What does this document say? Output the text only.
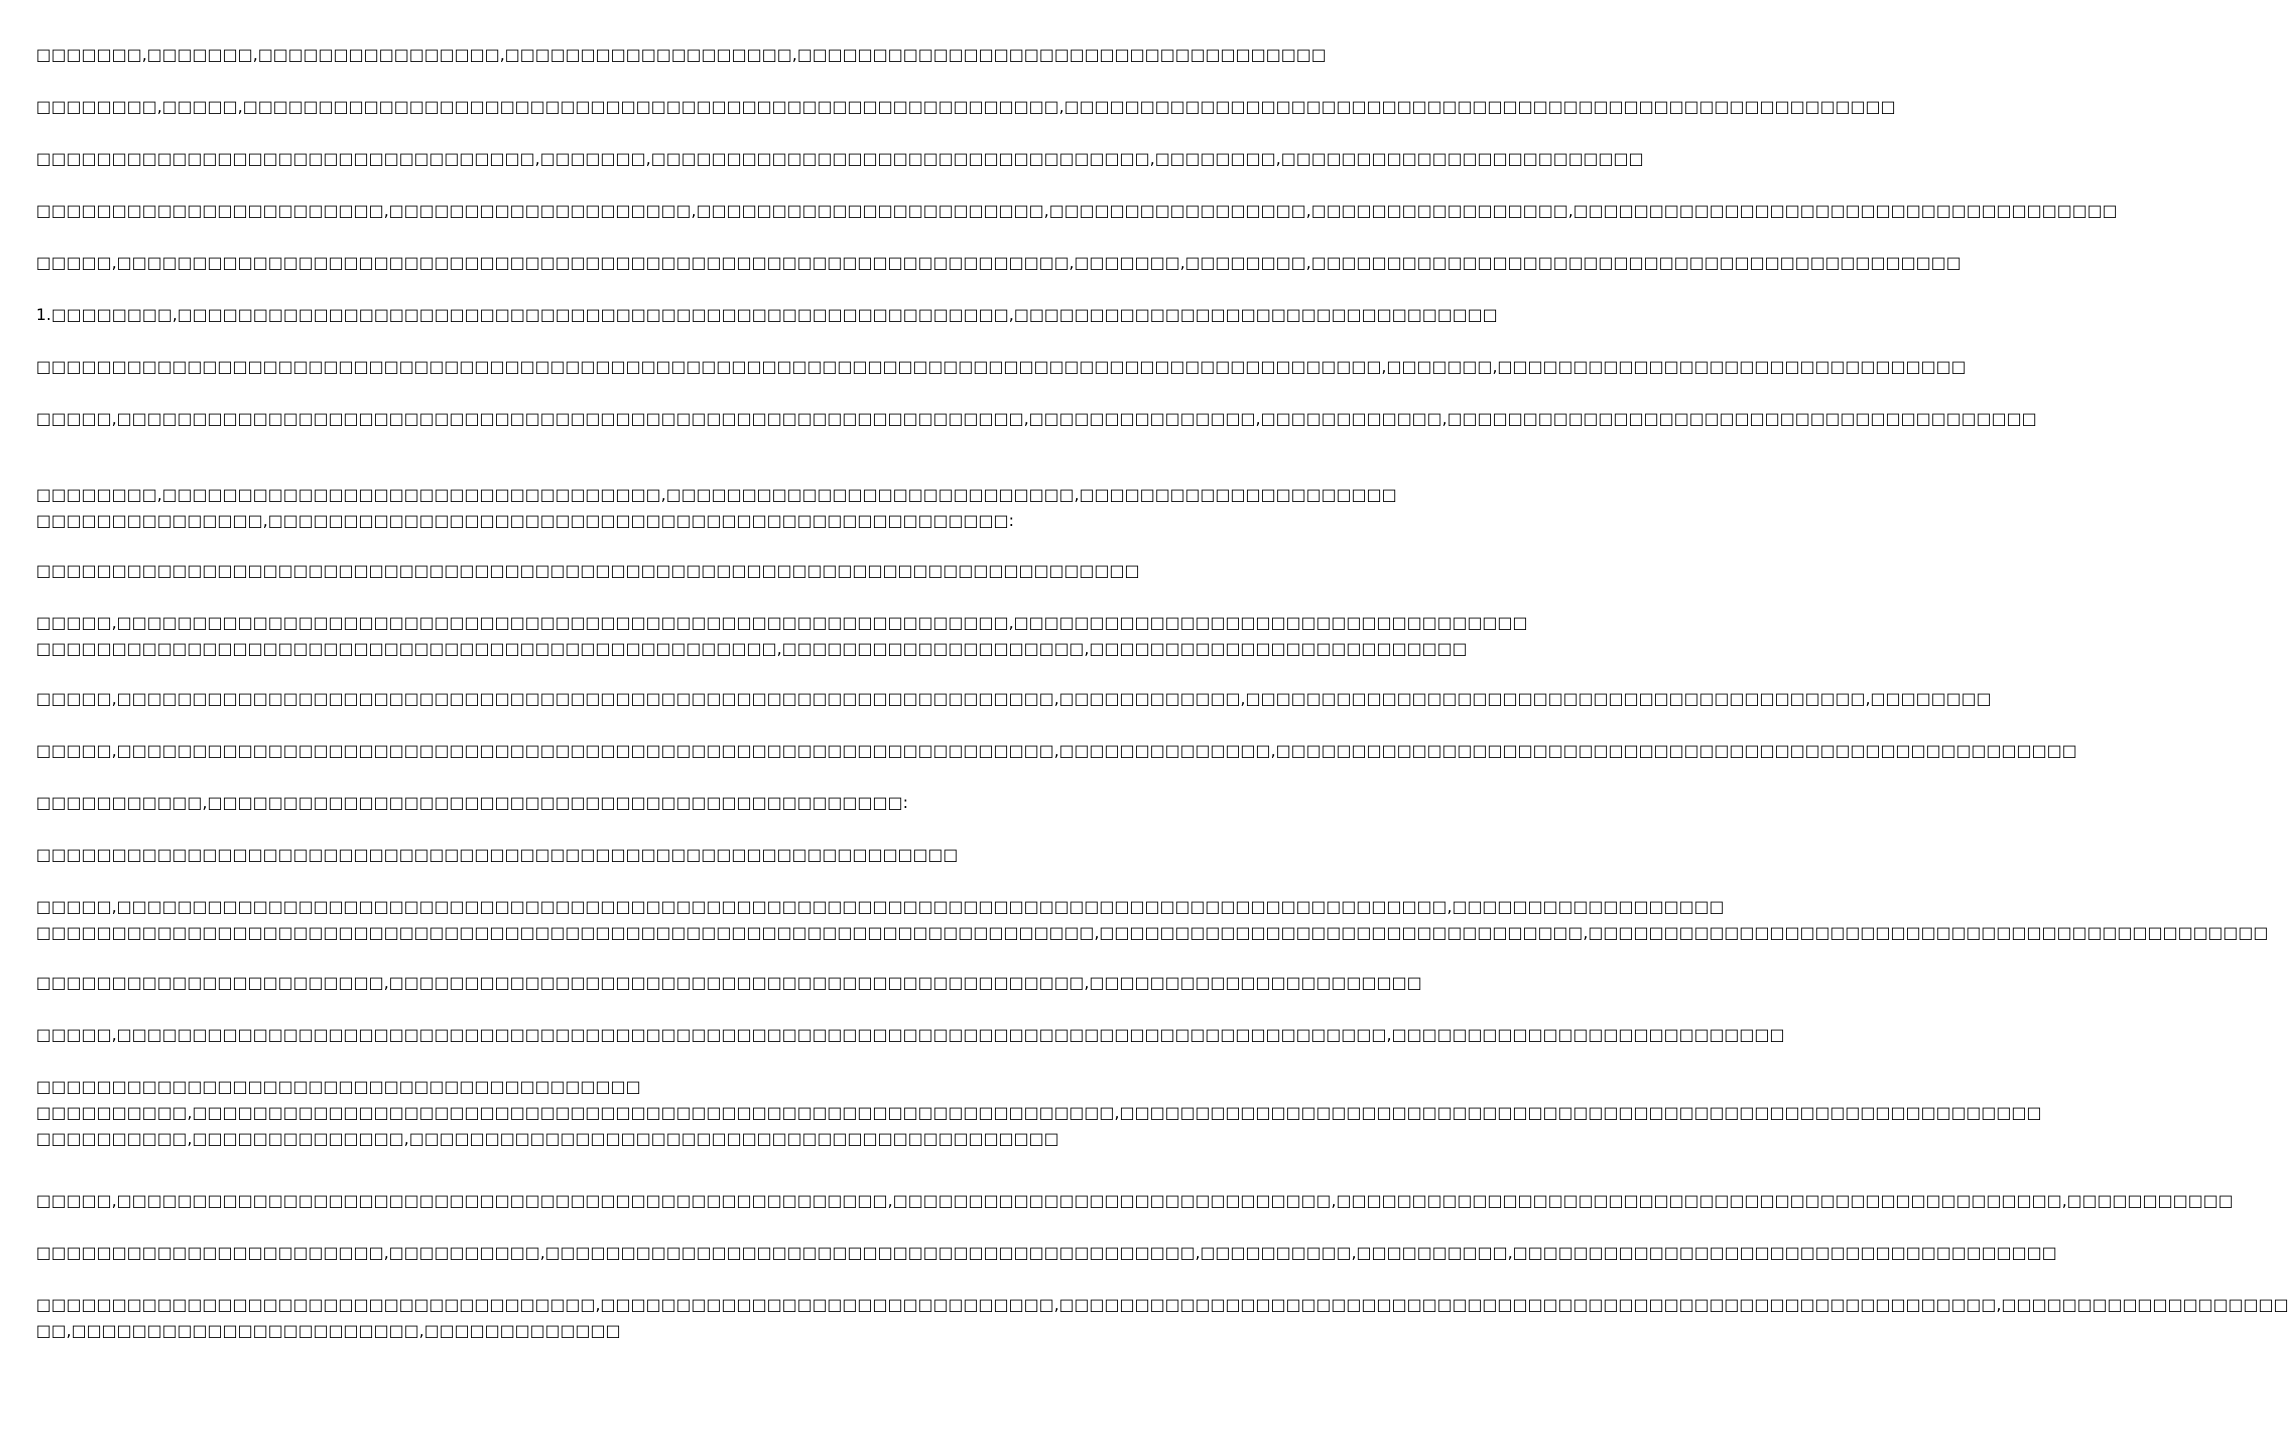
□□□□□□□,□□□□□□□,□□□□□□□□□□□□□□□□,□□□□□□□□□□□□□□□□□□□,□□□□□□□□□□□□□□□□□□□□□□□□□□□□□□□□□□□
□□□□□□□□,□□□□□,□□□□□□□□□□□□□□□□□□□□□□□□□□□□□□□□□□□□□□□□□□□□□□□□□□□□□□,□□□□□□□□□□□□□□□□□□□□□□□□□□□□□□□□□□□□□□□□□□□□□□□□□□□□□□□
□□□□□□□□□□□□□□□□□□□□□□□□□□□□□□□□□,□□□□□□□,□□□□□□□□□□□□□□□□□□□□□□□□□□□□□□□□□,□□□□□□□□,□□□□□□□□□□□□□□□□□□□□□□□□
□□□□□□□□□□□□□□□□□□□□□□□,□□□□□□□□□□□□□□□□□□□□,□□□□□□□□□□□□□□□□□□□□□□□,□□□□□□□□□□□□□□□□□,□□□□□□□□□□□□□□□□□,□□□□□□□□□□□□□□□□□□□□□□□□□□□□□□□□□□□□
□□□□□,□□□□□□□□□□□□□□□□□□□□□□□□□□□□□□□□□□□□□□□□□□□□□□□□□□□□□□□□□□□□□□□,□□□□□□□,□□□□□□□□,□□□□□□□□□□□□□□□□□□□□□□□□□□□□□□□□□□□□□□□□□□□
1.□□□□□□□□,□□□□□□□□□□□□□□□□□□□□□□□□□□□□□□□□□□□□□□□□□□□□□□□□□□□□□□□,□□□□□□□□□□□□□□□□□□□□□□□□□□□□□□□□
□□□□□□□□□□□□□□□□□□□□□□□□□□□□□□□□□□□□□□□□□□□□□□□□□□□□□□□□□□□□□□□□□□□□□□□□□□□□□□□□□□□□□□□□□,□□□□□□□,□□□□□□□□□□□□□□□□□□□□□□□□□□□□□□□
□□□□□,□□□□□□□□□□□□□□□□□□□□□□□□□□□□□□□□□□□□□□□□□□□□□□□□□□□□□□□□□□□□,□□□□□□□□□□□□□□□,□□□□□□□□□□□□,□□□□□□□□□□□□□□□□□□□□□□□□□□□□□□□□□□□□□□□
□□□□□□□□,□□□□□□□□□□□□□□□□□□□□□□□□□□□□□□□□□,□□□□□□□□□□□□□□□□□□□□□□□□□□□,□□□□□□□□□□□□□□□□□□□□□
□□□□□□□□□□□□□□□,□□□□□□□□□□□□□□□□□□□□□□□□□□□□□□□□□□□□□□□□□□□□□□□□□:
□□□□□□□□□□□□□□□□□□□□□□□□□□□□□□□□□□□□□□□□□□□□□□□□□□□□□□□□□□□□□□□□□□□□□□□□□
□□□□□,□□□□□□□□□□□□□□□□□□□□□□□□□□□□□□□□□□□□□□□□□□□□□□□□□□□□□□□□□□□,□□□□□□□□□□□□□□□□□□□□□□□□□□□□□□□□□□
□□□□□□□□□□□□□□□□□□□□□□□□□□□□□□□□□□□□□□□□□□□□□□□□□,□□□□□□□□□□□□□□□□□□□□,□□□□□□□□□□□□□□□□□□□□□□□□□
□□□□□,□□□□□□□□□□□□□□□□□□□□□□□□□□□□□□□□□□□□□□□□□□□□□□□□□□□□□□□□□□□□□□,□□□□□□□□□□□□,□□□□□□□□□□□□□□□□□□□□□□□□□□□□□□□□□□□□□□□□□,□□□□□□□□
□□□□□,□□□□□□□□□□□□□□□□□□□□□□□□□□□□□□□□□□□□□□□□□□□□□□□□□□□□□□□□□□□□□□,□□□□□□□□□□□□□□,□□□□□□□□□□□□□□□□□□□□□□□□□□□□□□□□□□□□□□□□□□□□□□□□□□□□□
□□□□□□□□□□□,□□□□□□□□□□□□□□□□□□□□□□□□□□□□□□□□□□□□□□□□□□□□□□:
□□□□□□□□□□□□□□□□□□□□□□□□□□□□□□□□□□□□□□□□□□□□□□□□□□□□□□□□□□□□□
□□□□□,□□□□□□□□□□□□□□□□□□□□□□□□□□□□□□□□□□□□□□□□□□□□□□□□□□□□□□□□□□□□□□□□□□□□□□□□□□□□□□□□□□□□□□□□,□□□□□□□□□□□□□□□□□□
□□□□□□□□□□□□□□□□□□□□□□□□□□□□□□□□□□□□□□□□□□□□□□□□□□□□□□□□□□□□□□□□□□□□□□,□□□□□□□□□□□□□□□□□□□□□□□□□□□□□□□□,□□□□□□□□□□□□□□□□□□□□□□□□□□□□□□□□□□□□□□□□□□□□□
□□□□□□□□□□□□□□□□□□□□□□□,□□□□□□□□□□□□□□□□□□□□□□□□□□□□□□□□□□□□□□□□□□□□□□,□□□□□□□□□□□□□□□□□□□□□□
□□□□□,□□□□□□□□□□□□□□□□□□□□□□□□□□□□□□□□□□□□□□□□□□□□□□□□□□□□□□□□□□□□□□□□□□□□□□□□□□□□□□□□□□□□,□□□□□□□□□□□□□□□□□□□□□□□□□□
□□□□□□□□□□□□□□□□□□□□□□□□□□□□□□□□□□□□□□□□
□□□□□□□□□□,□□□□□□□□□□□□□□□□□□□□□□□□□□□□□□□□□□□□□□□□□□□□□□□□□□□□□□□□□□□□□,□□□□□□□□□□□□□□□□□□□□□□□□□□□□□□□□□□□□□□□□□□□□□□□□□□□□□□□□□□□□□
□□□□□□□□□□,□□□□□□□□□□□□□□,□□□□□□□□□□□□□□□□□□□□□□□□□□□□□□□□□□□□□□□□□□□
□□□□□,□□□□□□□□□□□□□□□□□□□□□□□□□□□□□□□□□□□□□□□□□□□□□□□□□□□,□□□□□□□□□□□□□□□□□□□□□□□□□□□□□,□□□□□□□□□□□□□□□□□□□□□□□□□□□□□□□□□□□□□□□□□□□□□□□□,□□□□□□□□□□□
□□□□□□□□□□□□□□□□□□□□□□□,□□□□□□□□□□,□□□□□□□□□□□□□□□□□□□□□□□□□□□□□□□□□□□□□□□□□□□,□□□□□□□□□□,□□□□□□□□□□,□□□□□□□□□□□□□□□□□□□□□□□□□□□□□□□□□□□□
□□□□□□□□□□□□□□□□□□□□□□□□□□□□□□□□□□□□□,□□□□□□□□□□□□□□□□□□□□□□□□□□□□□□,□□□□□□□□□□□□□□□□□□□□□□□□□□□□□□□□□□□□□□□□□□□□□□□□□□□□□□□□□□□□□□,□□□□□□□□□□□□□□□□□□□
□□,□□□□□□□□□□□□□□□□□□□□□□□,□□□□□□□□□□□□□
